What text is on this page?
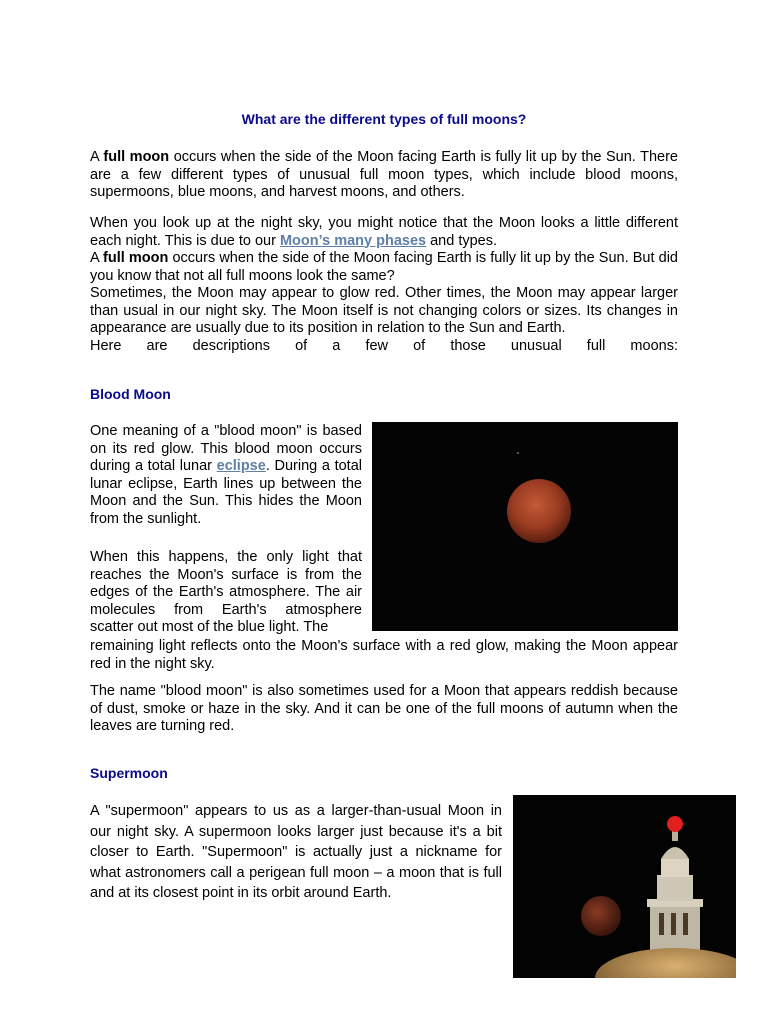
What are the different types of full moons?

A full moon occurs when the side of the Moon facing Earth is fully lit up by the Sun. There are a few different types of unusual full moon types, which include blood moons, supermoons, blue moons, and harvest moons, and others.

When you look up at the night sky, you might notice that the Moon looks a little different each night. This is due to our Moon’s many phases and types.
A full moon occurs when the side of the Moon facing Earth is fully lit up by the Sun. But did you know that not all full moons look the same?
Sometimes, the Moon may appear to glow red. Other times, the Moon may appear larger than usual in our night sky. The Moon itself is not changing colors or sizes. Its changes in appearance are usually due to its position in relation to the Sun and Earth.
Here are descriptions of a few of those unusual full moons:
Blood Moon

One meaning of a "blood moon" is based on its red glow. This blood moon occurs during a total lunar eclipse. During a total lunar eclipse, Earth lines up between the Moon and the Sun. This hides the Moon from the sunlight.

When this happens, the only light that reaches the Moon's surface is from the edges of the Earth's atmosphere. The air molecules from Earth's atmosphere scatter out most of the blue light. The

remaining light reflects onto the Moon's surface with a red glow, making the Moon appear red in the night sky.

The name "blood moon" is also sometimes used for a Moon that appears reddish because of dust, smoke or haze in the sky. And it can be one of the full moons of autumn when the leaves are turning red.

Supermoon

A "supermoon" appears to us as a larger-than-usual Moon in our night sky. A supermoon looks larger just because it's a bit closer to Earth. "Supermoon" is actually just a nickname for what astronomers call a perigean full moon – a moon that is full and at its closest point in its orbit around Earth.
